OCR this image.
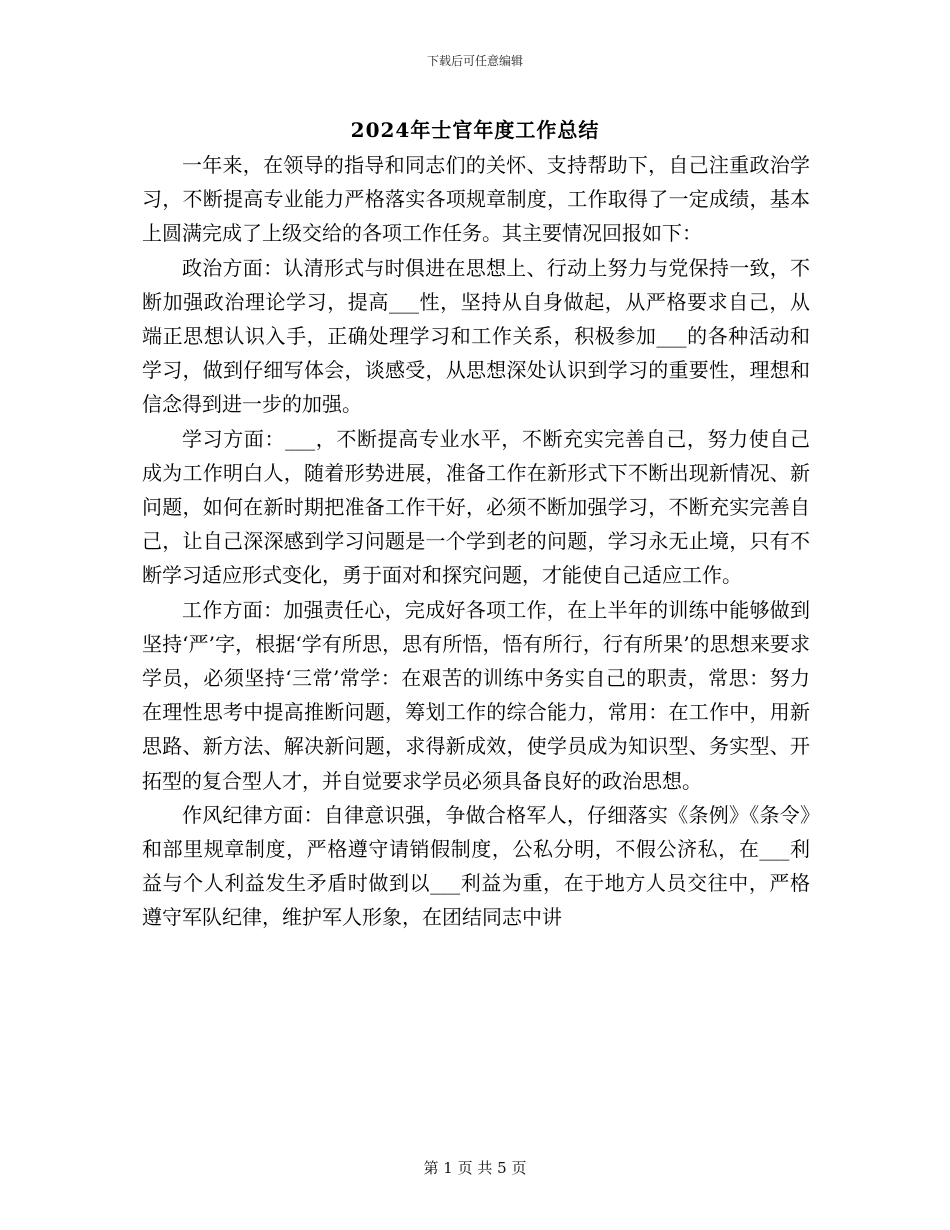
下载后可任意编辑
2024年士官年度工作总结

一年来，在领导的指导和同志们的关怀、支持帮助下，自己注重政治学习，不断提高专业能力严格落实各项规章制度，工作取得了一定成绩，基本上圆满完成了上级交给的各项工作任务。其主要情况回报如下：

政治方面：认清形式与时俱进在思想上、行动上努力与党保持一致，不断加强政治理论学习，提高___性，坚持从自身做起，从严格要求自己，从端正思想认识入手，正确处理学习和工作关系，积极参加___的各种活动和学习，做到仔细写体会，谈感受，从思想深处认识到学习的重要性，理想和信念得到进一步的加强。

学习方面：___，不断提高专业水平，不断充实完善自己，努力使自己成为工作明白人，随着形势进展，准备工作在新形式下不断出现新情况、新问题，如何在新时期把准备工作干好，必须不断加强学习，不断充实完善自己，让自己深深感到学习问题是一个学到老的问题，学习永无止境，只有不断学习适应形式变化，勇于面对和探究问题，才能使自己适应工作。

工作方面：加强责任心，完成好各项工作，在上半年的训练中能够做到坚持‘严’字，根据‘学有所思，思有所悟，悟有所行，行有所果’的思想来要求学员，必须坚持‘三常’常学：在艰苦的训练中务实自己的职责，常思：努力在理性思考中提高推断问题，筹划工作的综合能力，常用：在工作中，用新思路、新方法、解决新问题，求得新成效，使学员成为知识型、务实型、开拓型的复合型人才，并自觉要求学员必须具备良好的政治思想。

作风纪律方面：自律意识强，争做合格军人，仔细落实《条例》《条令》和部里规章制度，严格遵守请销假制度，公私分明，不假公济私，在___利益与个人利益发生矛盾时做到以___利益为重，在于地方人员交往中，严格遵守军队纪律，维护军人形象，在团结同志中讲

第 1 页 共 5 页
